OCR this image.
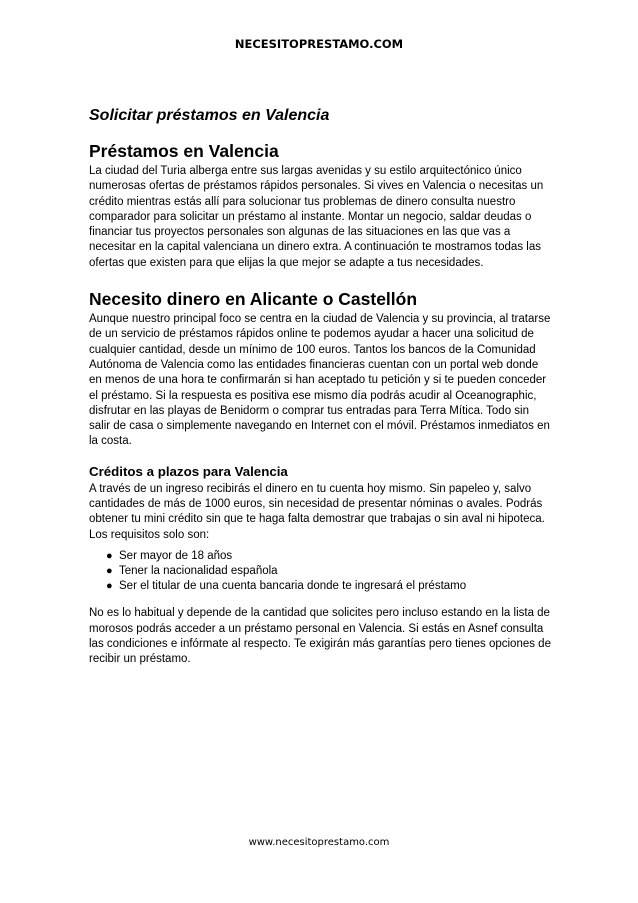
NECESITOPRESTAMO.COM
Solicitar préstamos en Valencia
Préstamos en Valencia

La ciudad del Turia alberga entre sus largas avenidas y su estilo arquitectónico único numerosas ofertas de préstamos rápidos personales. Si vives en Valencia o necesitas un crédito mientras estás allí para solucionar tus problemas de dinero consulta nuestro comparador para solicitar un préstamo al instante. Montar un negocio, saldar deudas o financiar tus proyectos personales son algunas de las situaciones en las que vas a necesitar en la capital valenciana un dinero extra. A continuación te mostramos todas las ofertas que existen para que elijas la que mejor se adapte a tus necesidades.

Necesito dinero en Alicante o Castellón

Aunque nuestro principal foco se centra en la ciudad de Valencia y su provincia, al tratarse de un servicio de préstamos rápidos online te podemos ayudar a hacer una solicitud de cualquier cantidad, desde un mínimo de 100 euros. Tantos los bancos de la Comunidad Autónoma de Valencia como las entidades financieras cuentan con un portal web donde en menos de una hora te confirmarán si han aceptado tu petición y si te pueden conceder el préstamo. Si la respuesta es positiva ese mismo día podrás acudir al Oceanographic, disfrutar en las playas de Benidorm o comprar tus entradas para Terra Mítica. Todo sin salir de casa o simplemente navegando en Internet con el móvil. Préstamos inmediatos en la costa.

Créditos a plazos para Valencia

A través de un ingreso recibirás el dinero en tu cuenta hoy mismo. Sin papeleo y, salvo cantidades de más de 1000 euros, sin necesidad de presentar nóminas o avales. Podrás obtener tu mini crédito sin que te haga falta demostrar que trabajas o sin aval ni hipoteca. Los requisitos solo son:

● Ser mayor de 18 años
● Tener la nacionalidad española
● Ser el titular de una cuenta bancaria donde te ingresará el préstamo

No es lo habitual y depende de la cantidad que solicites pero incluso estando en la lista de morosos podrás acceder a un préstamo personal en Valencia. Si estás en Asnef consulta las condiciones e infórmate al respecto. Te exigirán más garantías pero tienes opciones de recibir un préstamo.

www.necesitoprestamo.com
